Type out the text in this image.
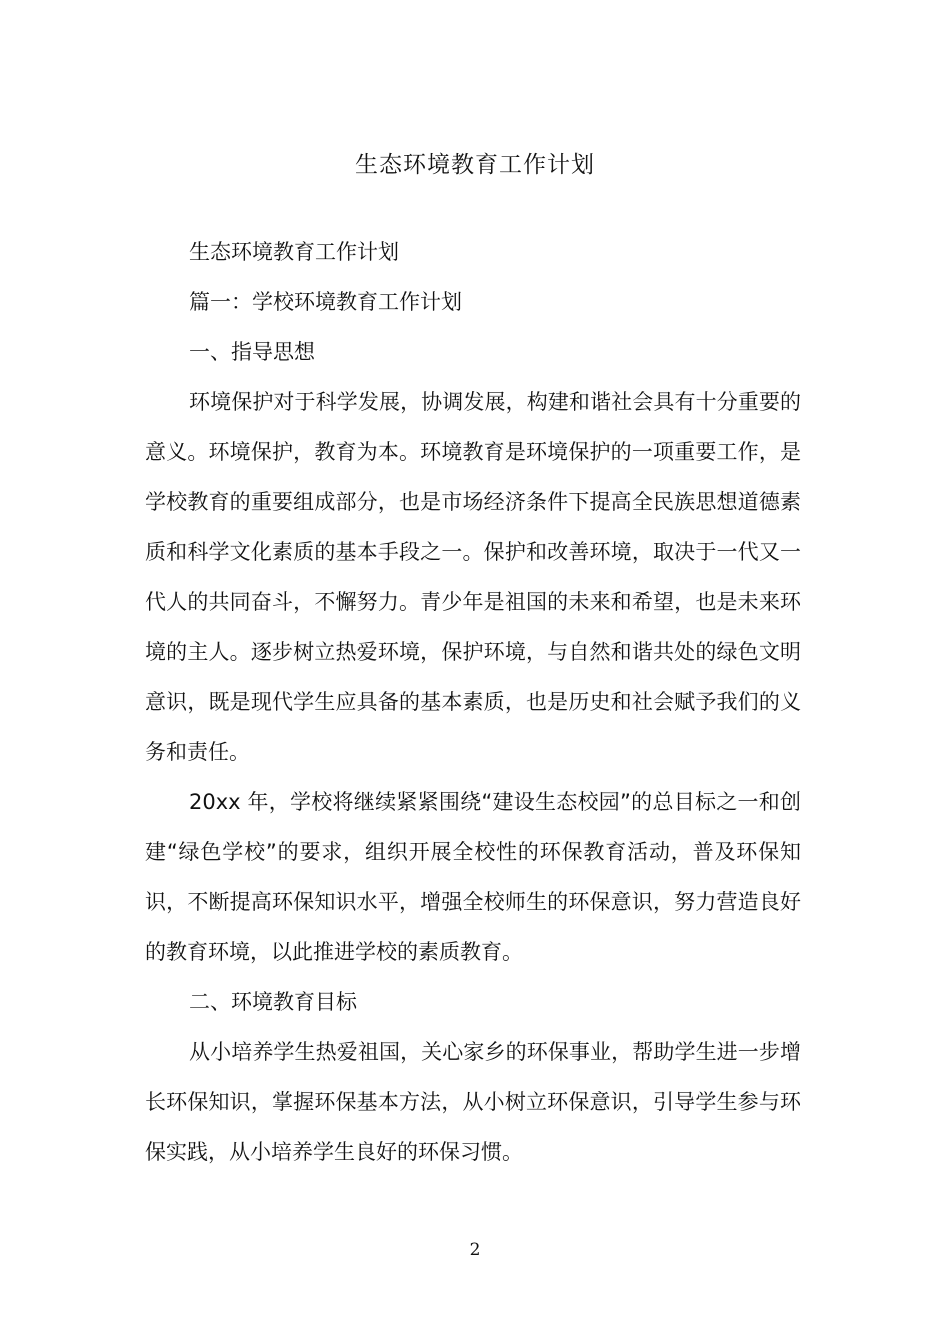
生态环境教育工作计划

生态环境教育工作计划

篇一：学校环境教育工作计划

一、指导思想

环境保护对于科学发展，协调发展，构建和谐社会具有十分重要的意义。环境保护，教育为本。环境教育是环境保护的一项重要工作，是学校教育的重要组成部分，也是市场经济条件下提高全民族思想道德素质和科学文化素质的基本手段之一。保护和改善环境，取决于一代又一代人的共同奋斗，不懈努力。青少年是祖国的未来和希望，也是未来环境的主人。逐步树立热爱环境，保护环境，与自然和谐共处的绿色文明意识，既是现代学生应具备的基本素质，也是历史和社会赋予我们的义务和责任。

20xx 年，学校将继续紧紧围绕“建设生态校园”的总目标之一和创建“绿色学校”的要求，组织开展全校性的环保教育活动，普及环保知识，不断提高环保知识水平，增强全校师生的环保意识，努力营造良好的教育环境，以此推进学校的素质教育。

二、环境教育目标

从小培养学生热爱祖国，关心家乡的环保事业，帮助学生进一步增长环保知识，掌握环保基本方法，从小树立环保意识，引导学生参与环保实践，从小培养学生良好的环保习惯。

2
